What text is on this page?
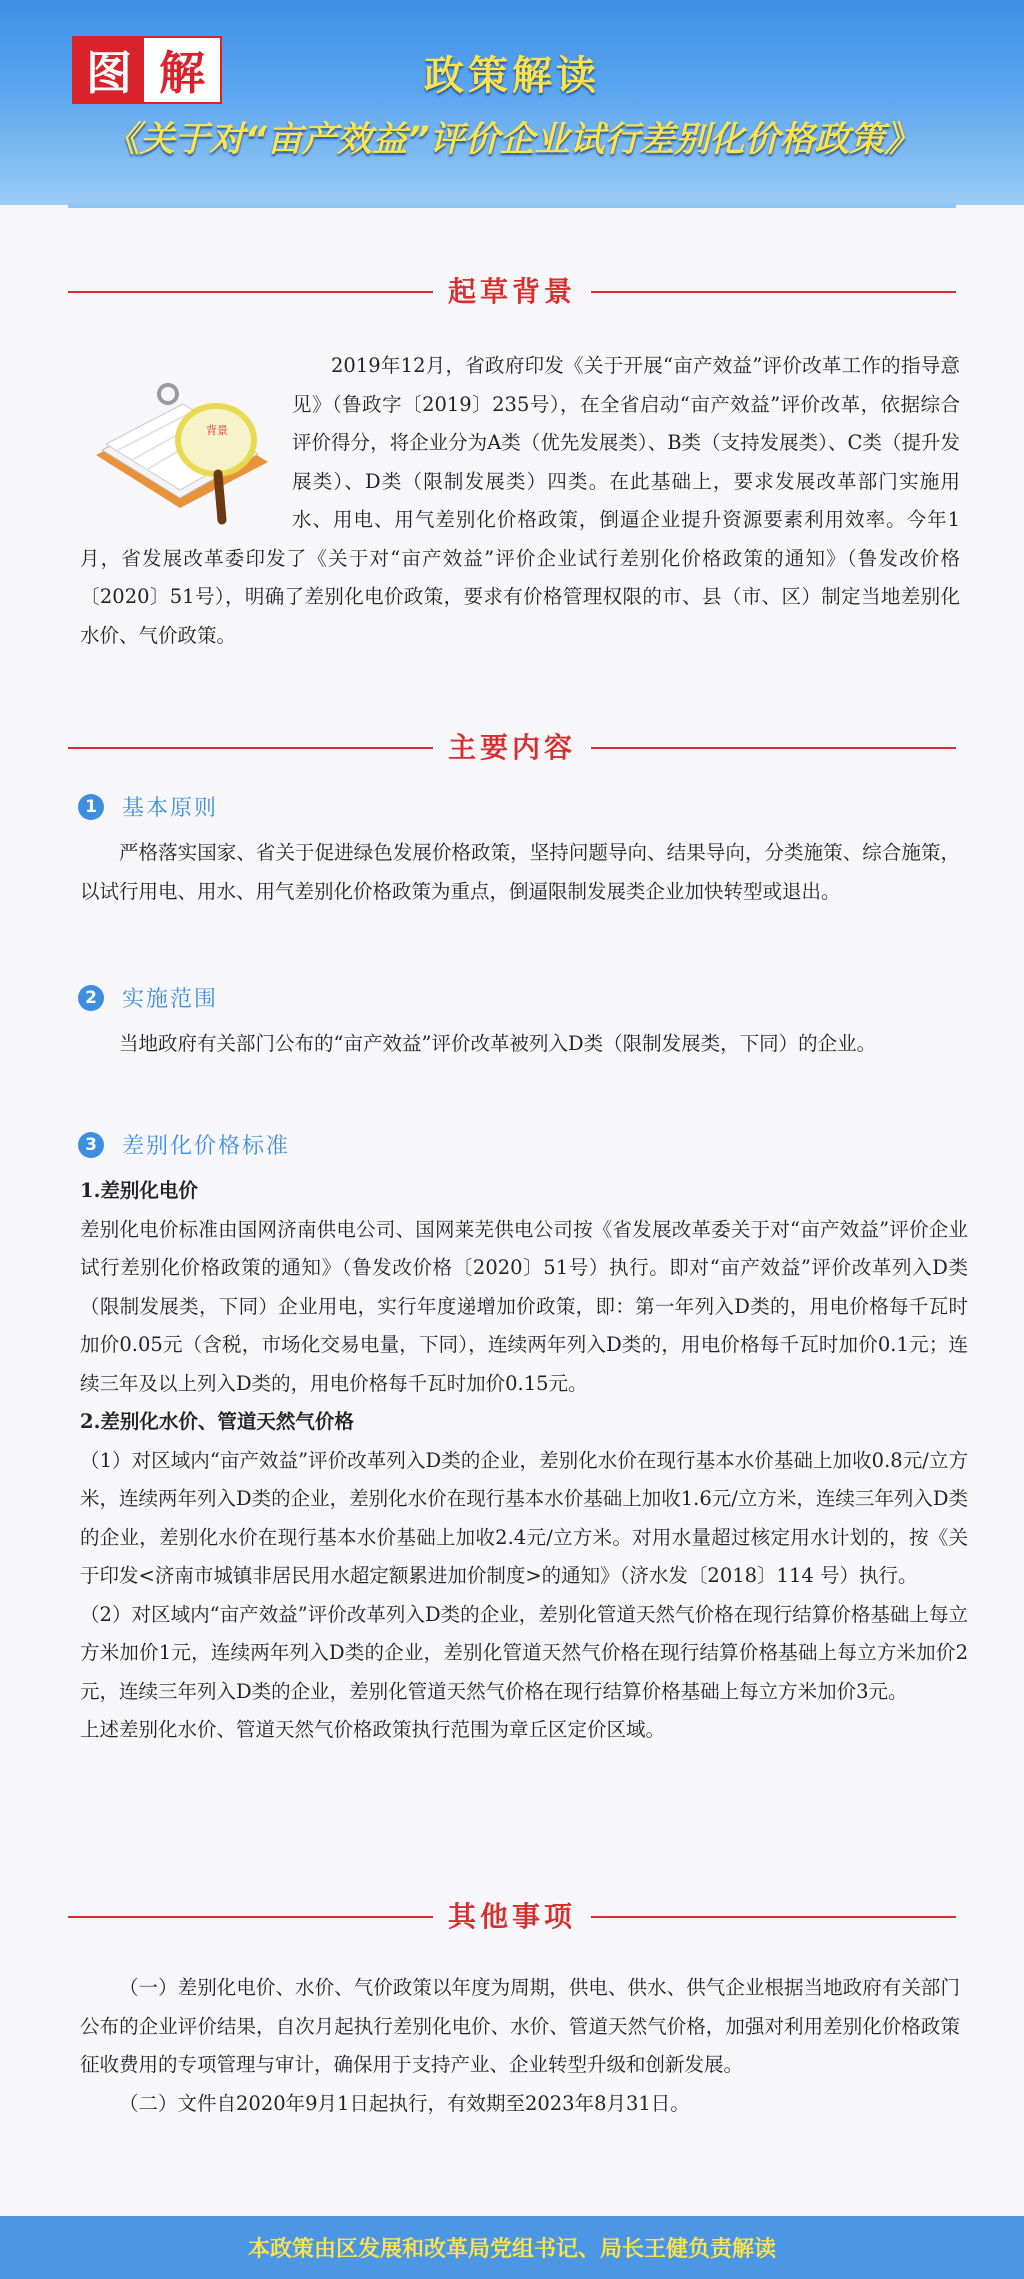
图 解	政策解读
《关于对“亩产效益”评价企业试行差别化价格政策》
起草背景
背景

2019年12月，省政府印发《关于开展“亩产效益”评价改革工作的指导意见》（鲁政字〔2019〕235号），在全省启动“亩产效益”评价改革，依据综合评价得分，将企业分为A类（优先发展类）、B类（支持发展类）、C类（提升发展类）、D类（限制发展类）四类。在此基础上，要求发展改革部门实施用水、用电、用气差别化价格政策，倒逼企业提升资源要素利用效率。今年1月，省发展改革委印发了《关于对“亩产效益”评价企业试行差别化价格政策的通知》（鲁发改价格〔2020〕51号），明确了差别化电价政策，要求有价格管理权限的市、县（市、区）制定当地差别化水价、气价政策。

主要内容
1	基本原则

严格落实国家、省关于促进绿色发展价格政策，坚持问题导向、结果导向，分类施策、综合施策，以试行用电、用水、用气差别化价格政策为重点，倒逼限制发展类企业加快转型或退出。

2	实施范围

当地政府有关部门公布的“亩产效益”评价改革被列入D类（限制发展类，下同）的企业。

3	差别化价格标准

1.差别化电价

差别化电价标准由国网济南供电公司、国网莱芜供电公司按《省发展改革委关于对“亩产效益”评价企业试行差别化价格政策的通知》（鲁发改价格〔2020〕51号）执行。即对“亩产效益”评价改革列入D类（限制发展类，下同）企业用电，实行年度递增加价政策，即：第一年列入D类的，用电价格每千瓦时加价0.05元（含税，市场化交易电量，下同），连续两年列入D类的，用电价格每千瓦时加价0.1元；连续三年及以上列入D类的，用电价格每千瓦时加价0.15元。

2.差别化水价、管道天然气价格

（1）对区域内“亩产效益”评价改革列入D类的企业，差别化水价在现行基本水价基础上加收0.8元/立方米，连续两年列入D类的企业，差别化水价在现行基本水价基础上加收1.6元/立方米，连续三年列入D类的企业，差别化水价在现行基本水价基础上加收2.4元/立方米。对用水量超过核定用水计划的，按《关于印发<济南市城镇非居民用水超定额累进加价制度>的通知》（济水发〔2018〕114 号）执行。

（2）对区域内“亩产效益”评价改革列入D类的企业，差别化管道天然气价格在现行结算价格基础上每立方米加价1元，连续两年列入D类的企业，差别化管道天然气价格在现行结算价格基础上每立方米加价2元，连续三年列入D类的企业，差别化管道天然气价格在现行结算价格基础上每立方米加价3元。

上述差别化水价、管道天然气价格政策执行范围为章丘区定价区域。

其他事项

（一）差别化电价、水价、气价政策以年度为周期，供电、供水、供气企业根据当地政府有关部门公布的企业评价结果，自次月起执行差别化电价、水价、管道天然气价格，加强对利用差别化价格政策征收费用的专项管理与审计，确保用于支持产业、企业转型升级和创新发展。

（二）文件自2020年9月1日起执行，有效期至2023年8月31日。

本政策由区发展和改革局党组书记、局长王健负责解读
